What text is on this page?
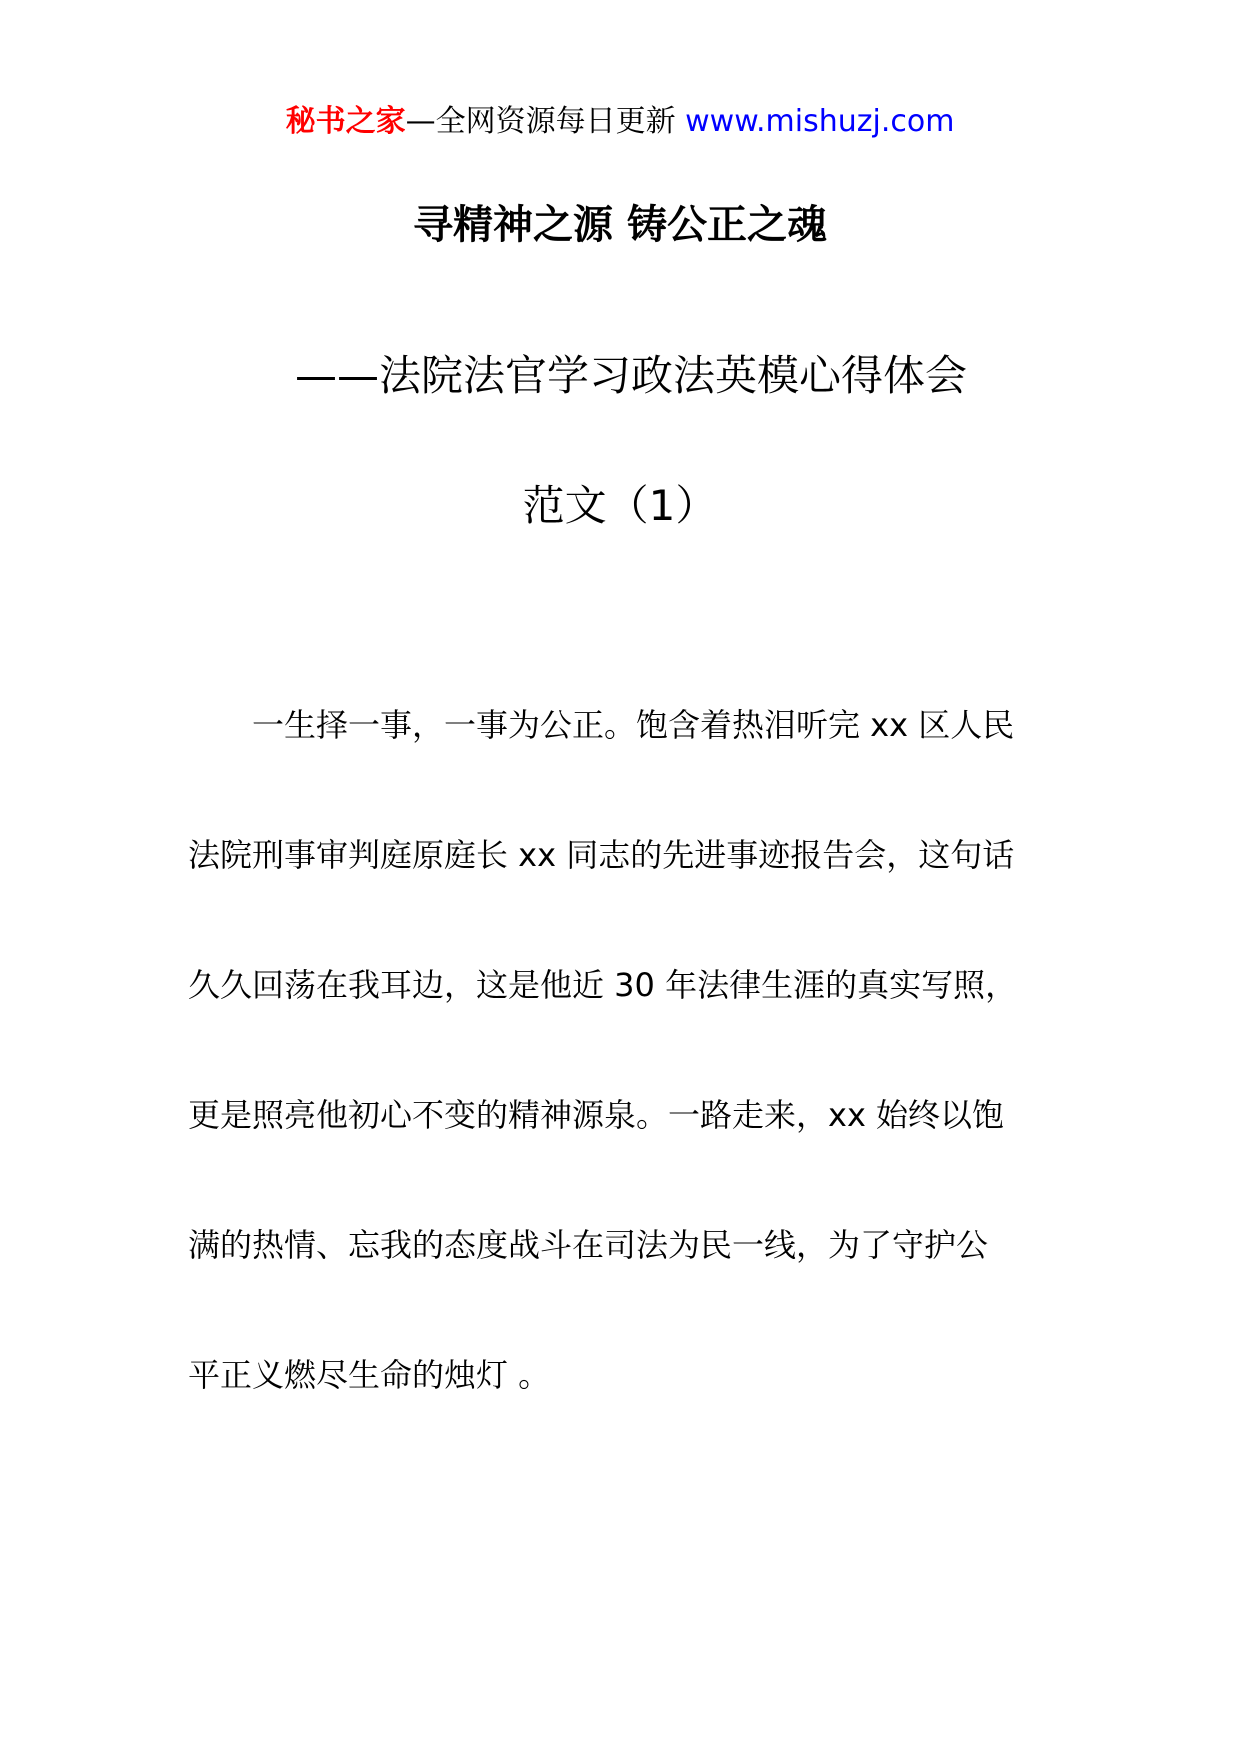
秘书之家—全网资源每日更新 www.mishuzj.com
寻精神之源 铸公正之魂
——法院法官学习政法英模心得体会
范文（1）
一生择一事，一事为公正。饱含着热泪听完 xx 区人民
法院刑事审判庭原庭长 xx 同志的先进事迹报告会，这句话
久久回荡在我耳边，这是他近 30 年法律生涯的真实写照，
更是照亮他初心不变的精神源泉。一路走来，xx 始终以饱
满的热情、忘我的态度战斗在司法为民一线，为了守护公
平正义燃尽生命的烛灯 。
